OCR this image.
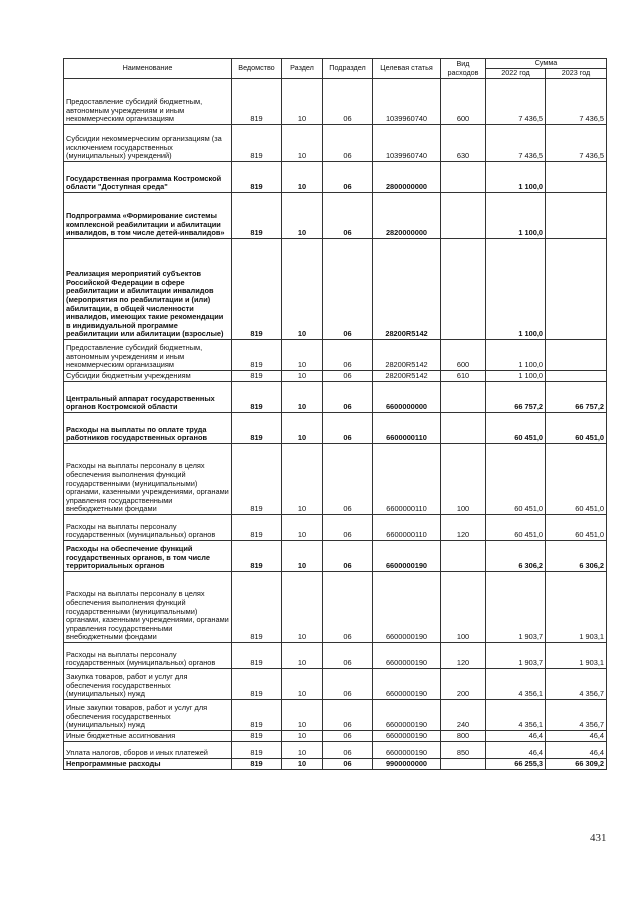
Наименование	Ведомство	Раздел	Подраздел	Целевая статья	Вид расходов	Сумма	
						2022 год	2023 год
Предоставление субсидий бюджетным, автономным учреждениям и иным некоммерческим организациям	819	10	06	1039960740	600	7 436,5	7 436,5
Субсидии некоммерческим организациям (за исключением государственных (муниципальных) учреждений)	819	10	06	1039960740	630	7 436,5	7 436,5
Государственная программа Костромской области "Доступная среда"	819	10	06	2800000000		1 100,0	
Подпрограмма «Формирование системы комплексной реабилитации и абилитации инвалидов, в том числе детей-инвалидов»	819	10	06	2820000000		1 100,0	
Реализация мероприятий субъектов Российской Федерации в сфере реабилитации и абилитации инвалидов (мероприятия по реабилитации и (или) абилитации, в общей численности инвалидов, имеющих такие рекомендации в индивидуальной программе реабилитации или абилитации (взрослые)	819	10	06	28200R5142		1 100,0	
Предоставление субсидий бюджетным, автономным учреждениям и иным некоммерческим организациям	819	10	06	28200R5142	600	1 100,0	
Субсидии бюджетным учреждениям	819	10	06	28200R5142	610	1 100,0	
Центральный аппарат государственных органов Костромской области	819	10	06	6600000000		66 757,2	66 757,2
Расходы на выплаты по оплате труда работников государственных органов	819	10	06	6600000110		60 451,0	60 451,0
Расходы на выплаты персоналу в целях обеспечения выполнения функций государственными (муниципальными) органами, казенными учреждениями, органами управления государственными внебюджетными фондами	819	10	06	6600000110	100	60 451,0	60 451,0
Расходы на выплаты персоналу государственных (муниципальных) органов	819	10	06	6600000110	120	60 451,0	60 451,0
Расходы на обеспечение функций государственных органов, в том числе территориальных органов	819	10	06	6600000190		6 306,2	6 306,2
Расходы на выплаты персоналу в целях обеспечения выполнения функций государственными (муниципальными) органами, казенными учреждениями, органами управления государственными внебюджетными фондами	819	10	06	6600000190	100	1 903,7	1 903,1
Расходы на выплаты персоналу государственных (муниципальных) органов	819	10	06	6600000190	120	1 903,7	1 903,1
Закупка товаров, работ и услуг для обеспечения государственных (муниципальных) нужд	819	10	06	6600000190	200	4 356,1	4 356,7
Иные закупки товаров, работ и услуг для обеспечения государственных (муниципальных) нужд	819	10	06	6600000190	240	4 356,1	4 356,7
Иные бюджетные ассигнования	819	10	06	6600000190	800	46,4	46,4
Уплата налогов, сборов и иных платежей	819	10	06	6600000190	850	46,4	46,4
Непрограммные расходы	819	10	06	9900000000		66 255,3	66 309,2
431
